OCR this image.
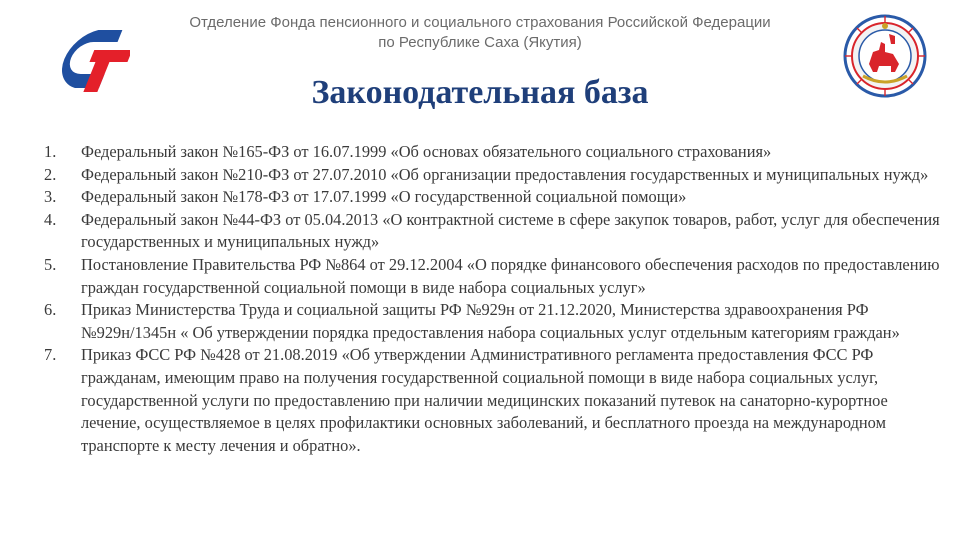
Отделение Фонда пенсионного и социального страхования Российской Федерации
по Республике Саха (Якутия)
Законодательная база
1. Федеральный закон №165-ФЗ от 16.07.1999 «Об основах обязательного социального страхования»
2. Федеральный закон №210-ФЗ от 27.07.2010 «Об организации предоставления государственных и муниципальных нужд»
3. Федеральный закон №178-ФЗ от 17.07.1999 «О государственной социальной помощи»
4. Федеральный закон №44-ФЗ от 05.04.2013 «О контрактной системе в сфере закупок товаров, работ, услуг для обеспечения государственных и муниципальных нужд»
5. Постановление Правительства РФ №864 от 29.12.2004 «О порядке финансового обеспечения расходов по предоставлению граждан государственной социальной помощи в виде набора социальных услуг»
6. Приказ Министерства Труда и социальной защиты РФ №929н от 21.12.2020, Министерства здравоохранения РФ №929н/1345н « Об утверждении порядка предоставления набора социальных услуг отдельным категориям граждан»
7. Приказ ФСС РФ №428 от 21.08.2019 «Об утверждении Административного регламента предоставления ФСС РФ гражданам, имеющим право на получения государственной социальной помощи в виде набора социальных услуг, государственной услуги по предоставлению при наличии медицинских показаний путевок на санаторно-курортное лечение, осуществляемое в целях профилактики основных заболеваний, и бесплатного проезда на международном транспорте к месту лечения и обратно».
